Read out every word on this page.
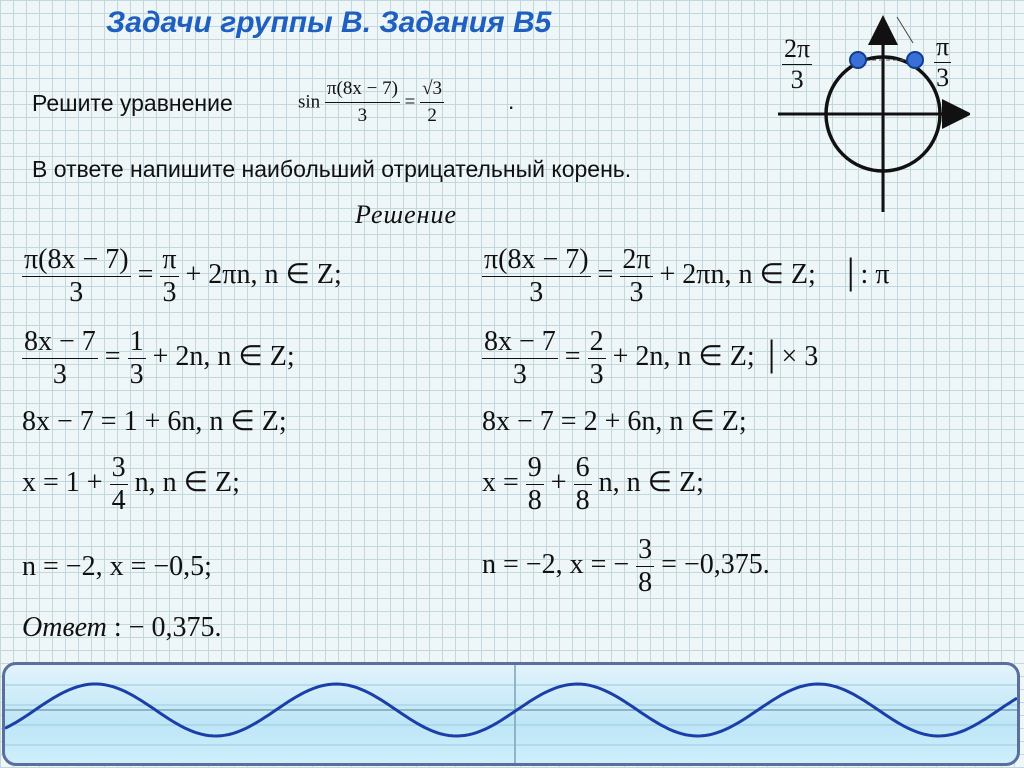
Задачи группы В. Задания В5
Решите уравнение	$\sin \frac{\pi(8x - 7)}{3} = \frac{√3}{2}$	.
В ответе напишите наибольший отрицательный корень.
$\frac{2\pi}{3}$	$\frac{\pi}{3}$
Решение
$\frac{\pi(8x - 7)}{3} = \frac{\pi}{3} + 2\pi n$, n ∈ Z;
$\frac{8x - 7}{3} = \frac{1}{3} + 2n$, n ∈ Z;
8x − 7 = 1 + 6n, n ∈ Z;
$x = 1 + \frac{3}{4} n$, n ∈ Z;
n = −2, x = −0,5;
Ответ : − 0,375.
$\frac{\pi(8x - 7)}{3} = \frac{2\pi}{3} + 2\pi n$, n ∈ Z; │: π
$\frac{8x - 7}{3} = \frac{2}{3} + 2n$, n ∈ Z; │× 3
8x − 7 = 2 + 6n, n ∈ Z;
$x = \frac{9}{8} + \frac{6}{8} n$, n ∈ Z;
n = −2, x = − $\frac{3}{8} = -0,375$.
